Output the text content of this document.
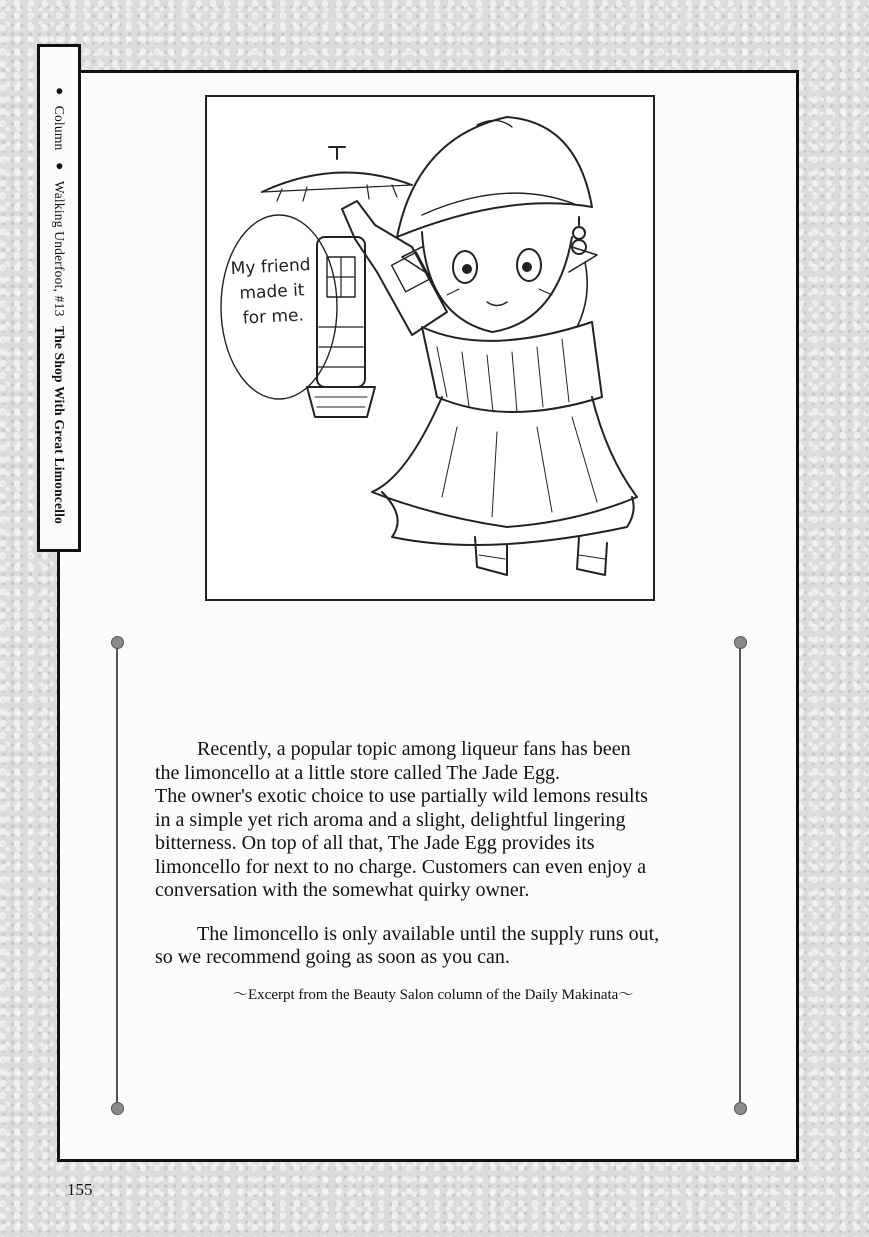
● Column ● Walking Underfoot, #13 The Shop With Great Limoncello
My friend
made it
for me.

Recently, a popular topic among liqueur fans has been
the limoncello at a little store called The Jade Egg.
The owner's exotic choice to use partially wild lemons results
in a simple yet rich aroma and a slight, delightful lingering
bitterness. On top of all that, The Jade Egg provides its
limoncello for next to no charge. Customers can even enjoy a
conversation with the somewhat quirky owner.

The limoncello is only available until the supply runs out,
so we recommend going as soon as you can.

～Excerpt from the Beauty Salon column of the Daily Makinata～
155
